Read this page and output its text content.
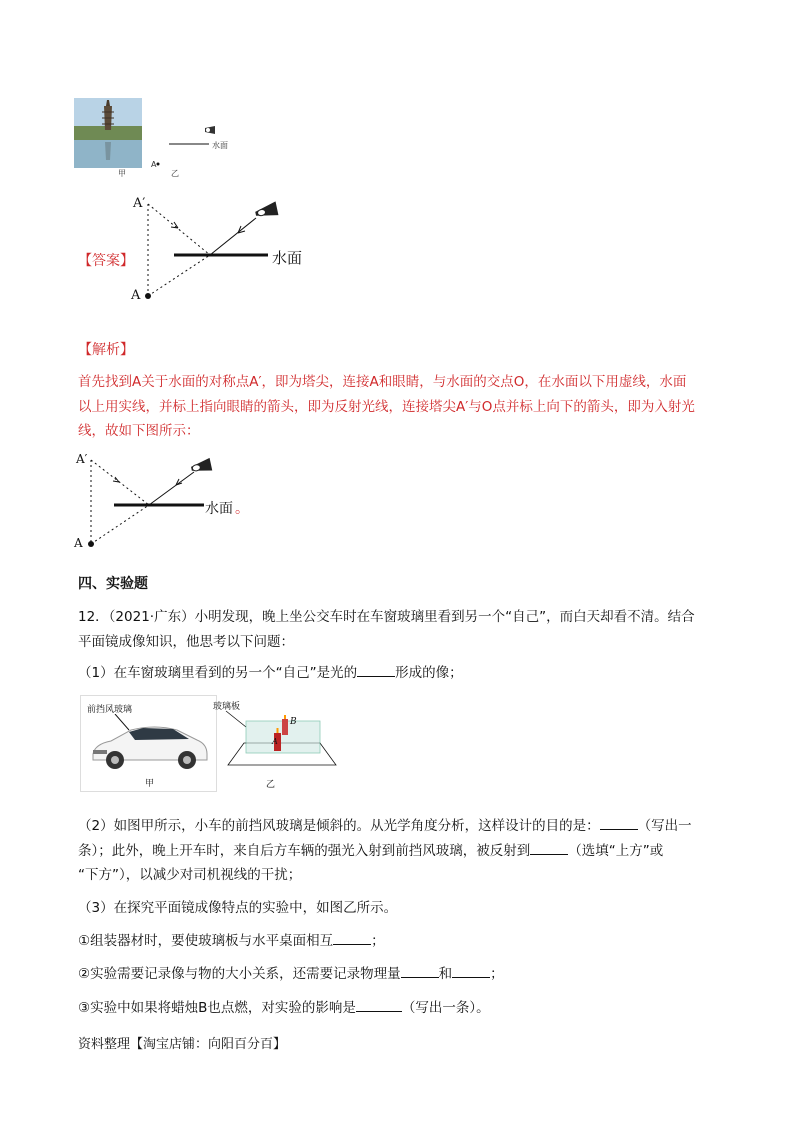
甲
水面
A
乙
【答案】
A′
水面
A
【解析】
首先找到A关于水面的对称点A′，即为塔尖，连接A和眼睛，与水面的交点O，在水面以下用虚线，水面
以上用实线，并标上指向眼睛的箭头，即为反射光线，连接塔尖A′与O点并标上向下的箭头，即为入射光
线，故如下图所示：
A′
水面 。
A
四、实验题
12．（2021·广东）小明发现，晚上坐公交车时在车窗玻璃里看到另一个“自己”，而白天却看不清。结合
平面镜成像知识，他思考以下问题：
（1）在车窗玻璃里看到的另一个“自己”是光的	形成的像；
前挡风玻璃
甲
玻璃板
B
A
乙
（2）如图甲所示，小车的前挡风玻璃是倾斜的。从光学角度分析，这样设计的目的是：	（写出一
条）；此外，晚上开车时，来自后方车辆的强光入射到前挡风玻璃，被反射到	（选填“上方”或
“下方”），以减少对司机视线的干扰；
（3）在探究平面镜成像特点的实验中，如图乙所示。
①组装器材时，要使玻璃板与水平桌面相互	；
②实验需要记录像与物的大小关系，还需要记录物理量	和	；
③实验中如果将蜡烛B也点燃，对实验的影响是	（写出一条）。
资料整理【淘宝店铺：向阳百分百】
